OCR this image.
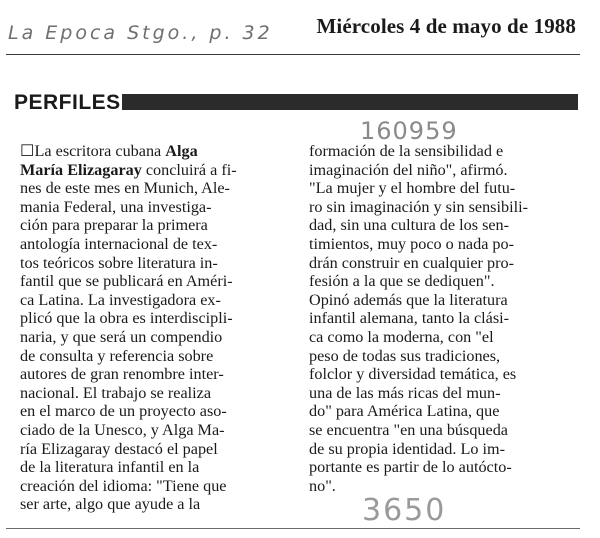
La Epoca Stgo., p. 32 Miércoles 4 de mayo de 1988
PERFILES
160959
☐La escritora cubana Alga
María Elizagaray concluirá a fi-
nes de este mes en Munich, Ale-
mania Federal, una investiga-
ción para preparar la primera
antología internacional de tex-
tos teóricos sobre literatura in-
fantil que se publicará en Améri-
ca Latina. La investigadora ex-
plicó que la obra es interdiscipli-
naria, y que será un compendio
de consulta y referencia sobre
autores de gran renombre inter-
nacional. El trabajo se realiza
en el marco de un proyecto aso-
ciado de la Unesco, y Alga Ma-
ría Elizagaray destacó el papel
de la literatura infantil en la
creación del idioma: "Tiene que
ser arte, algo que ayude a la
formación de la sensibilidad e
imaginación del niño", afirmó.
"La mujer y el hombre del futu-
ro sin imaginación y sin sensibili-
dad, sin una cultura de los sen-
timientos, muy poco o nada po-
drán construir en cualquier pro-
fesión a la que se dediquen".
Opinó además que la literatura
infantil alemana, tanto la clási-
ca como la moderna, con "el
peso de todas sus tradiciones,
folclor y diversidad temática, es
una de las más ricas del mun-
do" para América Latina, que
se encuentra "en una búsqueda
de su propia identidad. Lo im-
portante es partir de lo autócto-
no".
3650
